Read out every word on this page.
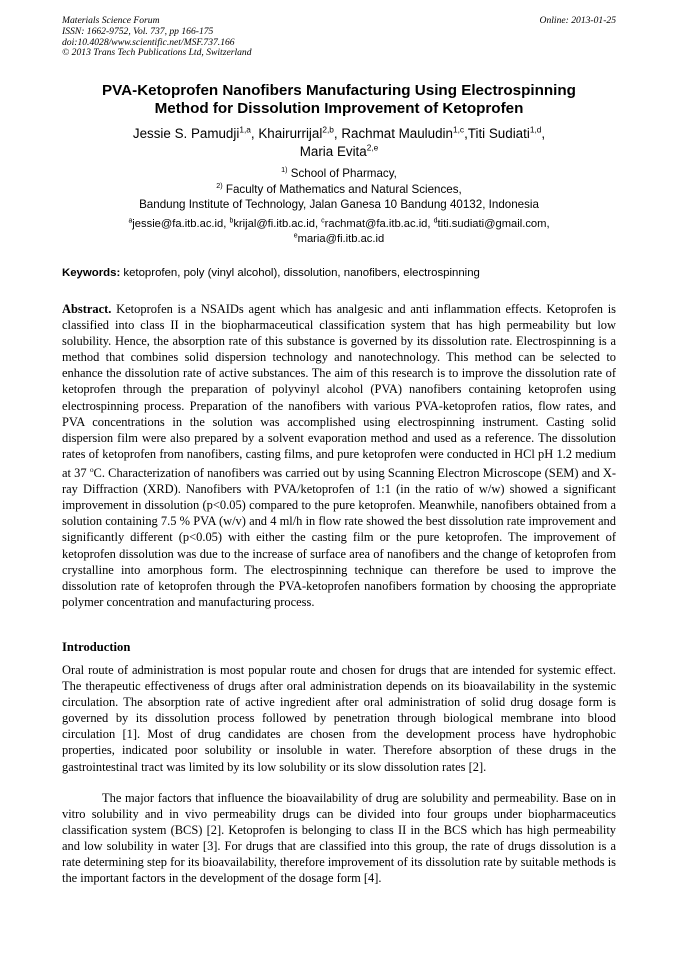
Materials Science Forum
ISSN: 1662-9752, Vol. 737, pp 166-175
doi:10.4028/www.scientific.net/MSF.737.166
© 2013 Trans Tech Publications Ltd, Switzerland
Online: 2013-01-25
PVA-Ketoprofen Nanofibers Manufacturing Using Electrospinning
Method for Dissolution Improvement of Ketoprofen
Jessie S. Pamudji$^{1,a}$, Khairurrijal$^{2,b}$, Rachmat Mauludin$^{1,c}$,Titi Sudiati$^{1,d}$,
Maria Evita$^{2,e}$
$^{1)}$ School of Pharmacy,
$^{2)}$ Faculty of Mathematics and Natural Sciences,
Bandung Institute of Technology, Jalan Ganesa 10 Bandung 40132, Indonesia
$^a$jessie@fa.itb.ac.id, $^b$krijal@fi.itb.ac.id, $^c$rachmat@fa.itb.ac.id, $^d$titi.sudiati@gmail.com,
$^e$maria@fi.itb.ac.id
Keywords: ketoprofen, poly (vinyl alcohol), dissolution, nanofibers, electrospinning

Abstract. Ketoprofen is a NSAIDs agent which has analgesic and anti inflammation effects. Ketoprofen is classified into class II in the biopharmaceutical classification system that has high permeability but low solubility. Hence, the absorption rate of this substance is governed by its dissolution rate. Electrospinning is a method that combines solid dispersion technology and nanotechnology. This method can be selected to enhance the dissolution rate of active substances. The aim of this research is to improve the dissolution rate of ketoprofen through the preparation of polyvinyl alcohol (PVA) nanofibers containing ketoprofen using electrospinning process. Preparation of the nanofibers with various PVA-ketoprofen ratios, flow rates, and PVA concentrations in the solution was accomplished using electrospinning instrument. Casting solid dispersion film were also prepared by a solvent evaporation method and used as a reference. The dissolution rates of ketoprofen from nanofibers, casting films, and pure ketoprofen were conducted in HCl pH 1.2 medium at 37 $^o$C. Characterization of nanofibers was carried out by using Scanning Electron Microscope (SEM) and X-ray Diffraction (XRD). Nanofibers with PVA/ketoprofen of 1:1 (in the ratio of w/w) showed a significant improvement in dissolution (p<0.05) compared to the pure ketoprofen. Meanwhile, nanofibers obtained from a solution containing 7.5 % PVA (w/v) and 4 ml/h in flow rate showed the best dissolution rate improvement and significantly different (p<0.05) with either the casting film or the pure ketoprofen. The improvement of ketoprofen dissolution was due to the increase of surface area of nanofibers and the change of ketoprofen from crystalline into amorphous form. The electrospinning technique can therefore be used to improve the dissolution rate of ketoprofen through the PVA-ketoprofen nanofibers formation by choosing the appropriate polymer concentration and manufacturing process.

Introduction

Oral route of administration is most popular route and chosen for drugs that are intended for systemic effect. The therapeutic effectiveness of drugs after oral administration depends on its bioavailability in the systemic circulation. The absorption rate of active ingredient after oral administration of solid drug dosage form is governed by its dissolution process followed by penetration through biological membrane into blood circulation [1]. Most of drug candidates are chosen from the development process have hydrophobic properties, indicated poor solubility or insoluble in water. Therefore absorption of these drugs in the gastrointestinal tract was limited by its low solubility or its slow dissolution rates [2].

The major factors that influence the bioavailability of drug are solubility and permeability. Base on in vitro solubility and in vivo permeability drugs can be divided into four groups under biopharmaceutics classification system (BCS) [2]. Ketoprofen is belonging to class II in the BCS which has high permeability and low solubility in water [3]. For drugs that are classified into this group, the rate of drugs dissolution is a rate determining step for its bioavailability, therefore improvement of its dissolution rate by suitable methods is the important factors in the development of the dosage form [4].
